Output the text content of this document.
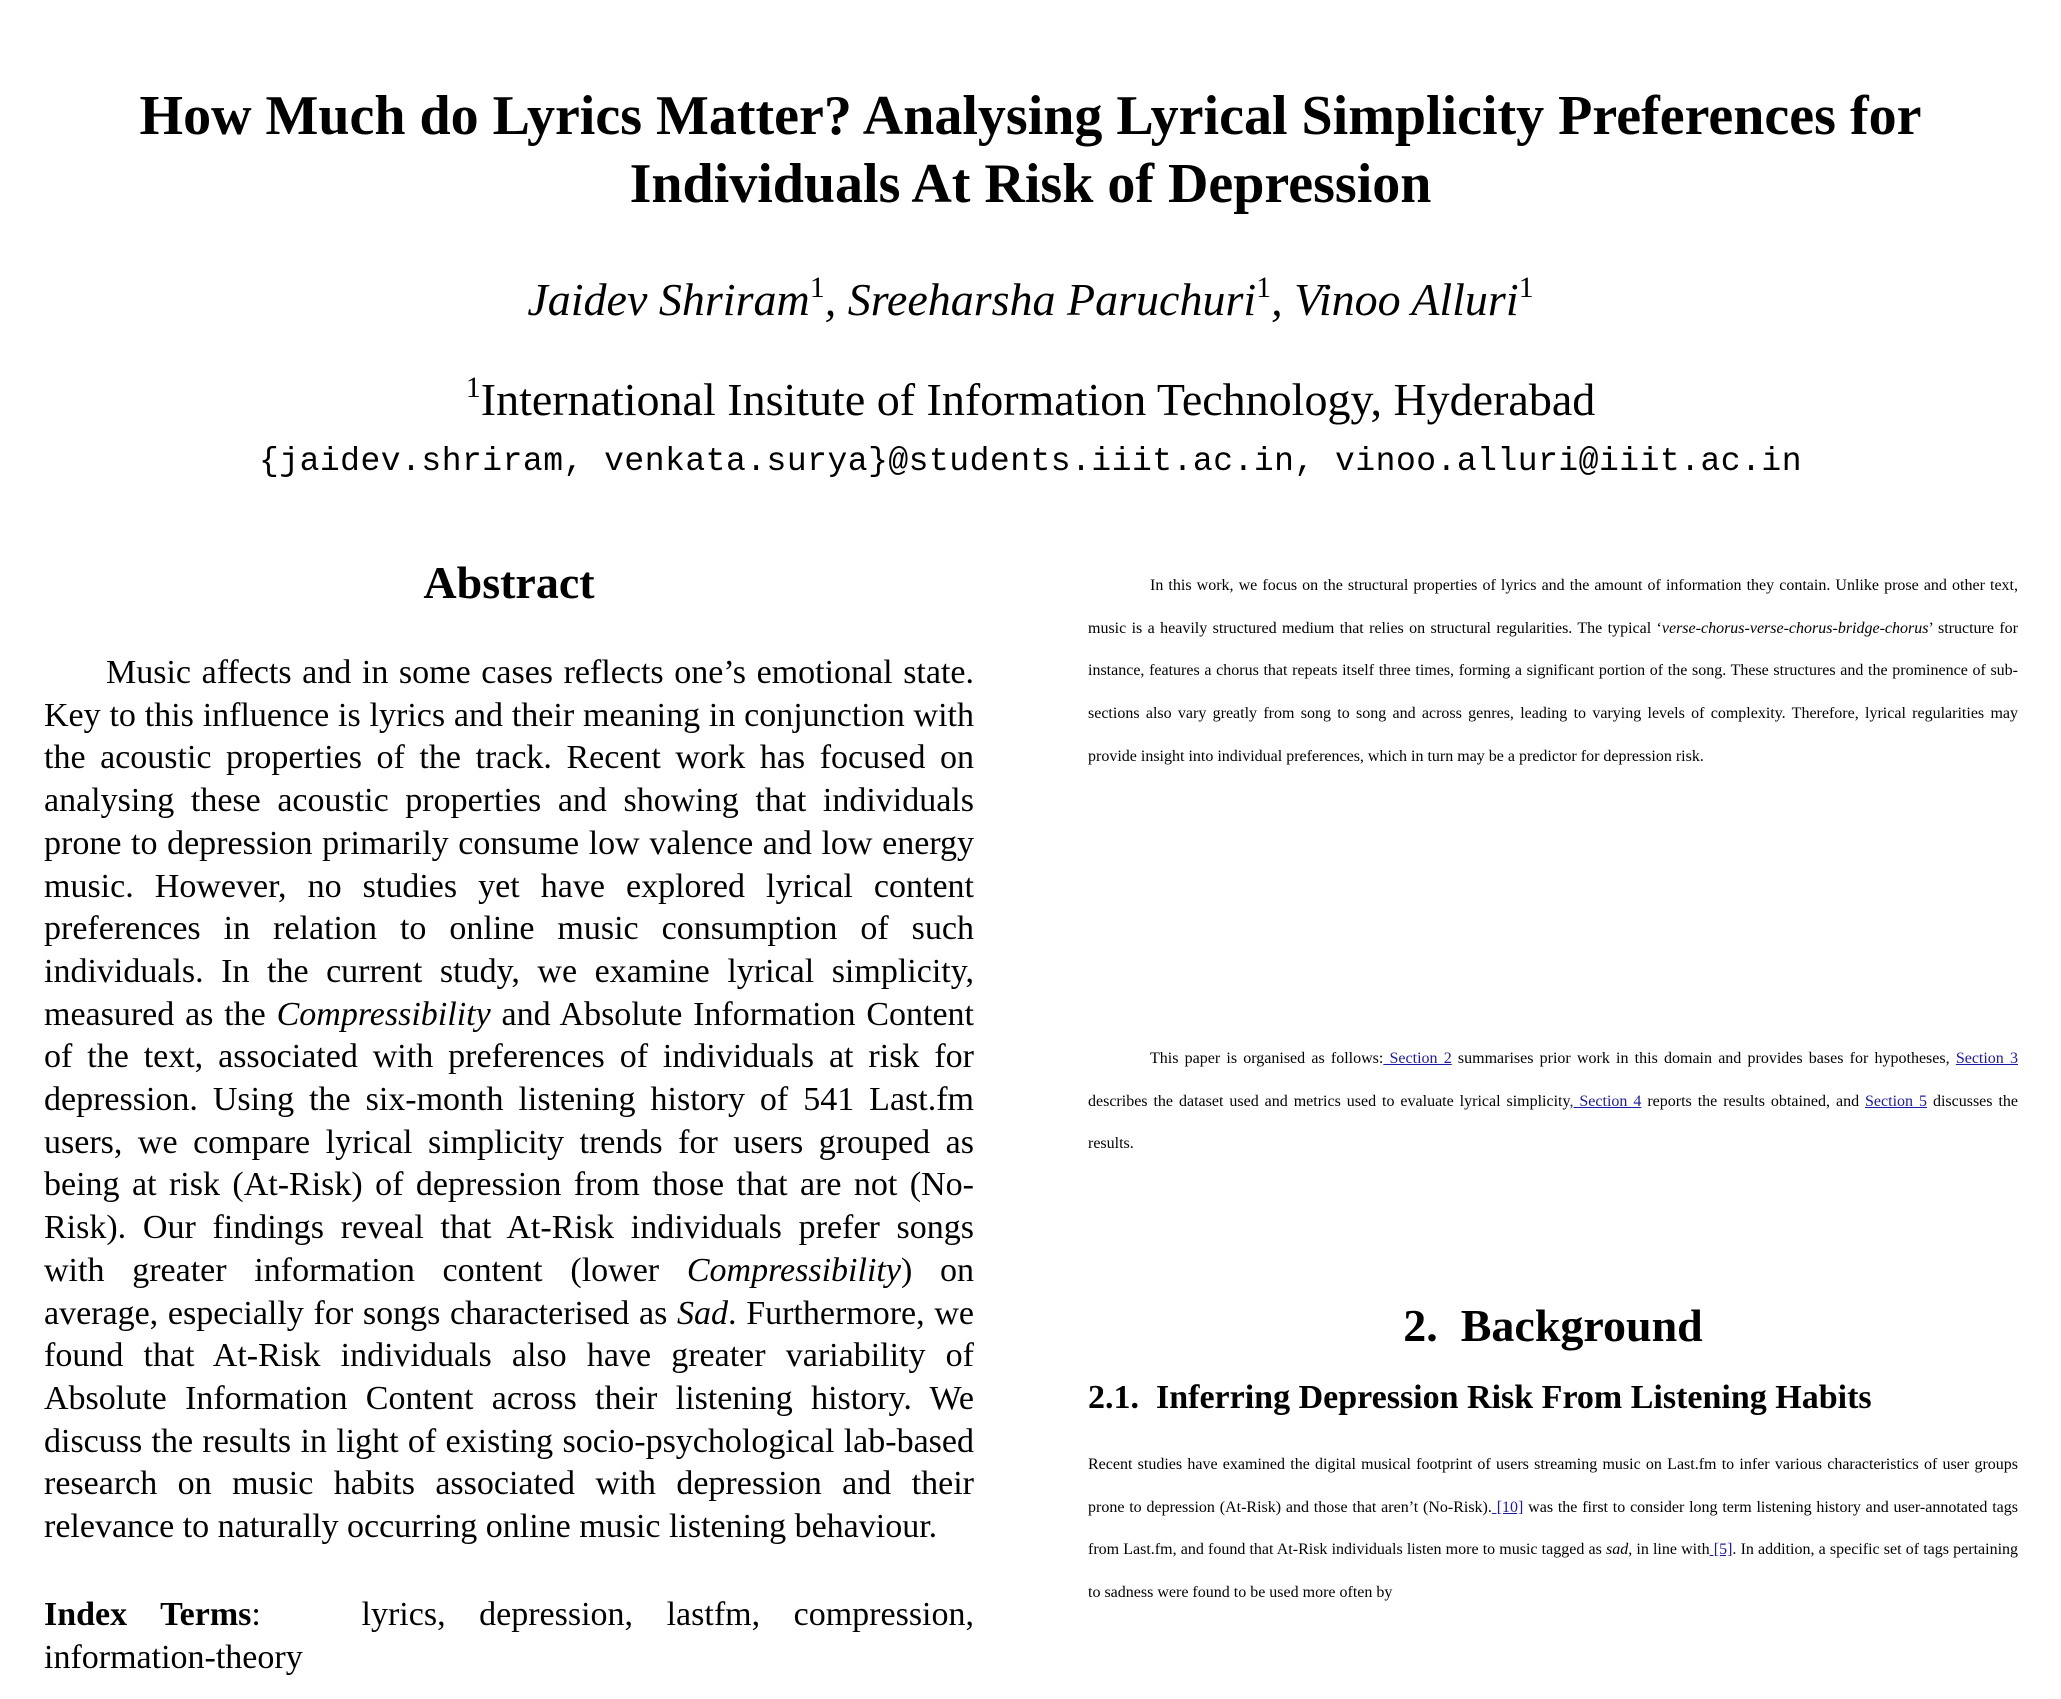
How Much do Lyrics Matter? Analysing Lyrical Simplicity Preferences for Individuals At Risk of Depression
Jaidev Shriram$^1$, Sreeharsha Paruchuri$^1$, Vinoo Alluri$^1$
$^1$International Insitute of Information Technology, Hyderabad
{jaidev.shriram, venkata.surya}@students.iiit.ac.in, vinoo.alluri@iiit.ac.in
Abstract

Music affects and in some cases reflects one’s emotional state. Key to this influence is lyrics and their meaning in conjunction with the acoustic properties of the track. Recent work has focused on analysing these acoustic properties and showing that individuals prone to depression primarily consume low valence and low energy music. However, no studies yet have explored lyrical content preferences in relation to online music consumption of such individuals. In the current study, we examine lyrical simplicity, measured as the Compressibility and Absolute Information Content of the text, associated with preferences of individuals at risk for depression. Using the six-month listening history of 541 Last.fm users, we compare lyrical simplicity trends for users grouped as being at risk (At-Risk) of depression from those that are not (No-Risk). Our findings reveal that At-Risk individuals prefer songs with greater information content (lower Compressibility) on average, especially for songs characterised as Sad. Furthermore, we found that At-Risk individuals also have greater variability of Absolute Information Content across their listening history. We discuss the results in light of existing socio-psychological lab-based research on music habits associated with depression and their relevance to naturally occurring online music listening behaviour.

Index Terms:   lyrics, depression, lastfm, compression, information-theory

In this work, we focus on the structural properties of lyrics and the amount of information they contain. Unlike prose and other text, music is a heavily structured medium that relies on structural regularities. The typical ‘verse-chorus-verse-chorus-bridge-chorus’ structure for instance, features a chorus that repeats itself three times, forming a significant portion of the song. These structures and the prominence of sub-sections also vary greatly from song to song and across genres, leading to varying levels of complexity. Therefore, lyrical regularities may provide insight into individual preferences, which in turn may be a predictor for depression risk.

This paper is organised as follows: Section 2 summarises prior work in this domain and provides bases for hypotheses, Section 3 describes the dataset used and metrics used to evaluate lyrical simplicity, Section 4 reports the results obtained, and Section 5 discusses the results.

2.  Background
2.1.  Inferring Depression Risk From Listening Habits

Recent studies have examined the digital musical footprint of users streaming music on Last.fm to infer various characteristics of user groups prone to depression (At-Risk) and those that aren’t (No-Risk). [10] was the first to consider long term listening history and user-annotated tags from Last.fm, and found that At-Risk individuals listen more to music tagged as sad, in line with [5]. In addition, a specific set of tags pertaining to sadness were found to be used more often by
